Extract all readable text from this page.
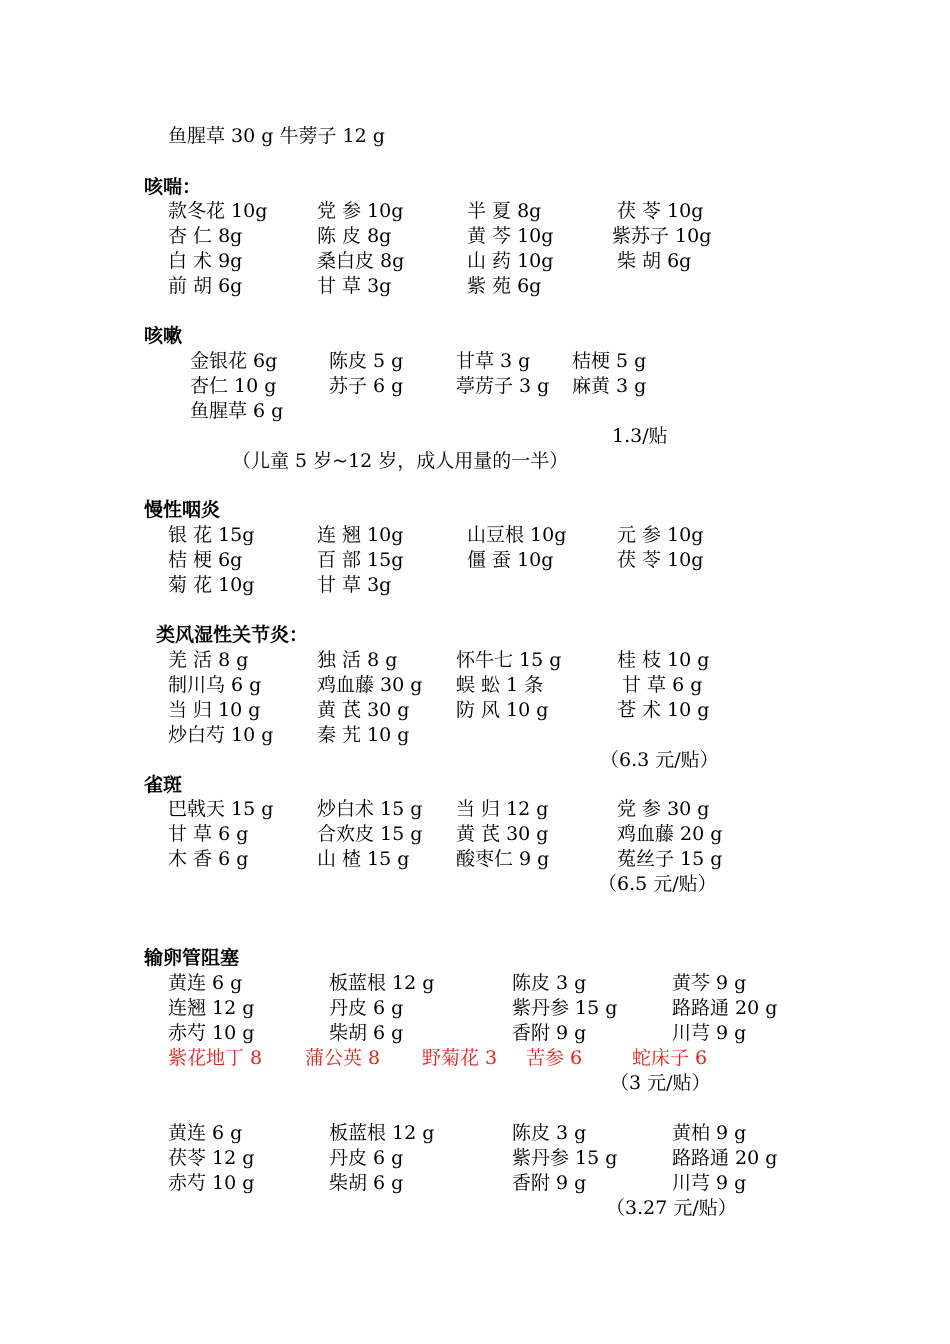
鱼腥草 30 g 牛蒡子 12 g
咳喘：
款冬花 10g	党 参 10g	半 夏 8g	茯 苓 10g
杏 仁 8g	陈 皮 8g	黄 芩 10g	紫苏子 10g
白 术 9g	桑白皮 8g	山 药 10g	柴 胡 6g
前 胡 6g	甘 草 3g	紫 苑 6g
咳嗽
金银花 6g	陈皮 5 g	甘草 3 g 桔梗 5 g
杏仁 10 g	苏子 6 g	葶苈子 3 g 麻黄 3 g
鱼腥草 6 g
1.3/贴
（儿童 5 岁~12 岁，成人用量的一半）
慢性咽炎
银 花 15g	连 翘 10g	山豆根 10g	元 参 10g
桔 梗 6g	百 部 15g	僵 蚕 10g	茯 苓 10g
菊 花 10g	甘 草 3g
类风湿性关节炎：
羌 活 8 g	独 活 8 g	怀牛七 15 g	桂 枝 10 g
制川乌 6 g	鸡血藤 30 g 蜈 蚣 1 条	甘 草 6 g
当 归 10 g	黄 芪 30 g 防 风 10 g	苍 术 10 g
炒白芍 10 g 秦 艽 10 g
（6.3 元/贴）
雀斑
巴戟天 15 g 炒白术 15 g 当 归 12 g	党 参 30 g
甘 草 6 g	合欢皮 15 g 黄 芪 30 g	鸡血藤 20 g
木 香 6 g	山 楂 15 g 酸枣仁 9 g	菟丝子 15 g
（6.5 元/贴）
输卵管阻塞
黄连 6 g	板蓝根 12 g	陈皮 3 g	黄芩 9 g
连翘 12 g	丹皮 6 g	紫丹参 15 g	路路通 20 g
赤芍 10 g	柴胡 6 g	香附 9 g	川芎 9 g
紫花地丁 8 蒲公英 8 野菊花 3 苦参 6	蛇床子 6
（3 元/贴）
黄连 6 g	板蓝根 12 g	陈皮 3 g	黄柏 9 g
茯苓 12 g	丹皮 6 g	紫丹参 15 g	路路通 20 g
赤芍 10 g	柴胡 6 g	香附 9 g	川芎 9 g
（3.27 元/贴）
